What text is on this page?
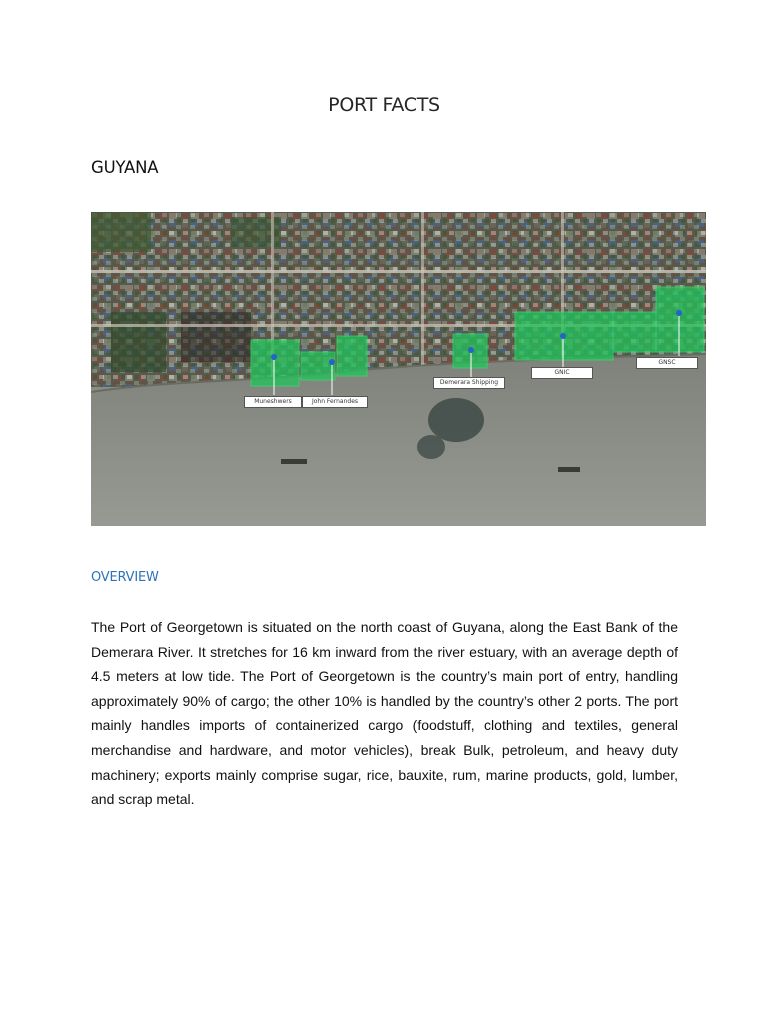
PORT FACTS
GUYANA
Muneshwers	John Fernandes
Demerara Shipping
GNIC
GNSC
OVERVIEW
The Port of Georgetown is situated on the north coast of Guyana, along the East Bank of the Demerara River. It stretches for 16 km inward from the river estuary, with an average depth of 4.5 meters at low tide. The Port of Georgetown is the country’s main port of entry, handling approximately 90% of cargo; the other 10% is handled by the country’s other 2 ports. The port mainly handles imports of containerized cargo (foodstuff, clothing and textiles, general merchandise and hardware, and motor vehicles), break Bulk, petroleum, and heavy duty machinery; exports mainly comprise sugar, rice, bauxite, rum, marine products, gold, lumber, and scrap metal.
